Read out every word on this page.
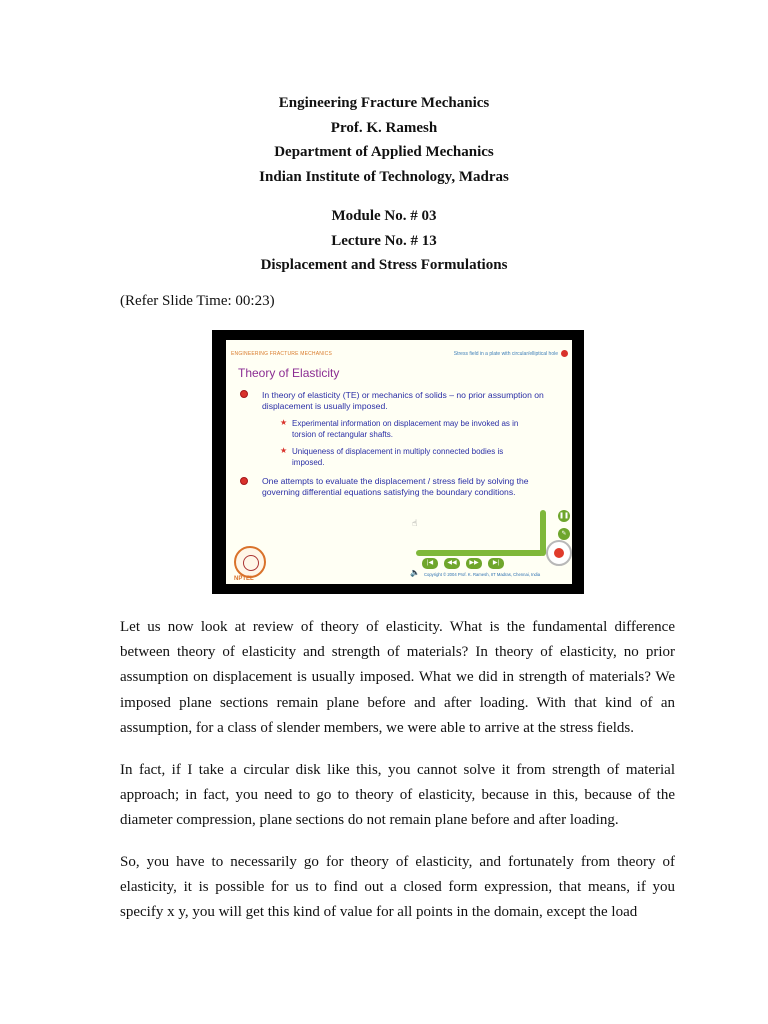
Engineering Fracture Mechanics
Prof. K. Ramesh
Department of Applied Mechanics
Indian Institute of Technology, Madras
Module No. # 03
Lecture No. # 13
Displacement and Stress Formulations
(Refer Slide Time: 00:23)
ENGINEERING FRACTURE MECHANICS	Stress field in a plate with circular/elliptical hole
Theory of Elasticity
In theory of elasticity (TE) or mechanics of solids – no prior assumption on displacement is usually imposed.
★ Experimental information on displacement may be invoked as in torsion of rectangular shafts.
★ Uniqueness of displacement in multiply connected bodies is imposed.
One attempts to evaluate the displacement / stress field by solving the governing differential equations satisfying the boundary conditions.
☝
NPTEL
❚❚
✎
|◀	◀◀	▶▶	▶|
🔈 Copyright © 2004 Prof. K. Ramesh, IIT Madras, Chennai, India
Let us now look at review of theory of elasticity. What is the fundamental difference between theory of elasticity and strength of materials? In theory of elasticity, no prior assumption on displacement is usually imposed. What we did in strength of materials? We imposed plane sections remain plane before and after loading. With that kind of an assumption, for a class of slender members, we were able to arrive at the stress fields.
In fact, if I take a circular disk like this, you cannot solve it from strength of material approach; in fact, you need to go to theory of elasticity, because in this, because of the diameter compression, plane sections do not remain plane before and after loading.
So, you have to necessarily go for theory of elasticity, and fortunately from theory of elasticity, it is possible for us to find out a closed form expression, that means, if you specify x y, you will get this kind of value for all points in the domain, except the load
